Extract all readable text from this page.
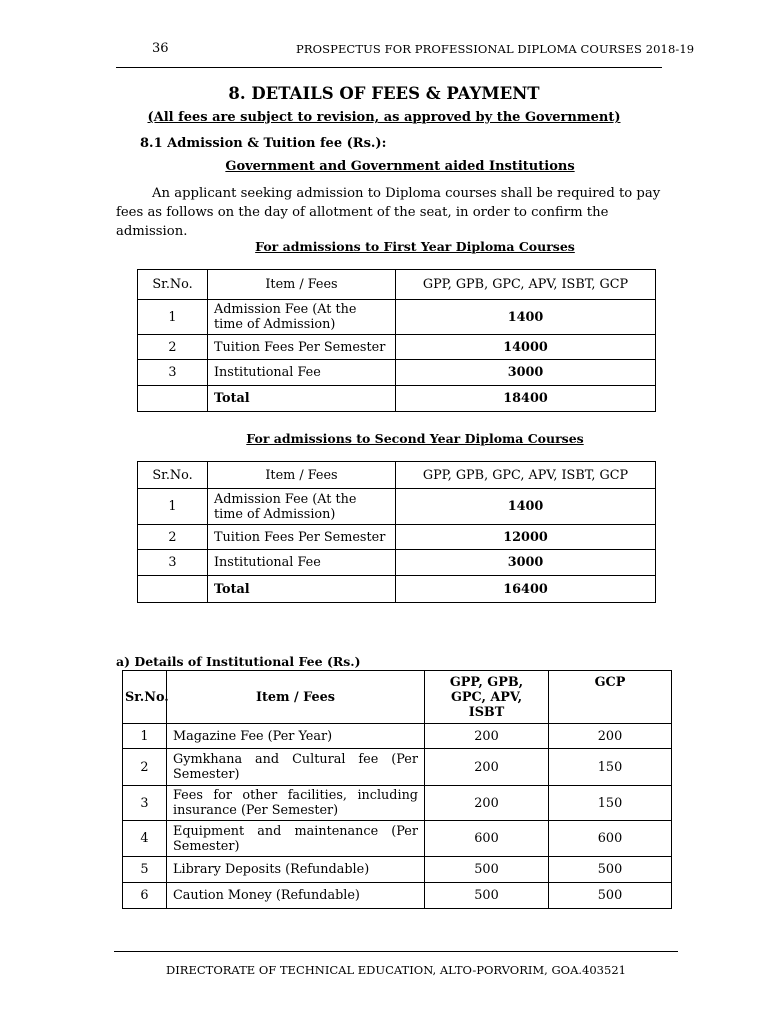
36	PROSPECTUS FOR PROFESSIONAL DIPLOMA COURSES 2018-19
8. DETAILS OF FEES & PAYMENT
(All fees are subject to revision, as approved by the Government)
8.1 Admission & Tuition fee (Rs.):
Government and Government aided Institutions
An applicant seeking admission to Diploma courses shall be required to pay fees as follows on the day of allotment of the seat, in order to confirm the admission.
For admissions to First Year Diploma Courses
Sr.No.	Item / Fees	GPP, GPB, GPC, APV, ISBT, GCP
1	Admission Fee (At the time of Admission)	1400
2	Tuition Fees Per Semester	14000
3	Institutional Fee	3000
	Total	18400
For admissions to Second Year Diploma Courses
Sr.No.	Item / Fees	GPP, GPB, GPC, APV, ISBT, GCP
1	Admission Fee (At the time of Admission)	1400
2	Tuition Fees Per Semester	12000
3	Institutional Fee	3000
	Total	16400
a) Details of Institutional Fee (Rs.)
Sr.No.	Item / Fees	GPP, GPB, GPC, APV, ISBT	GCP
1	Magazine Fee (Per Year)	200	200
2	Gymkhana and Cultural fee (Per Semester)	200	150
3	Fees for other facilities, including insurance (Per Semester)	200	150
4	Equipment and maintenance (Per Semester)	600	600
5	Library Deposits (Refundable)	500	500
6	Caution Money (Refundable)	500	500
DIRECTORATE OF TECHNICAL EDUCATION, ALTO-PORVORIM, GOA.403521
